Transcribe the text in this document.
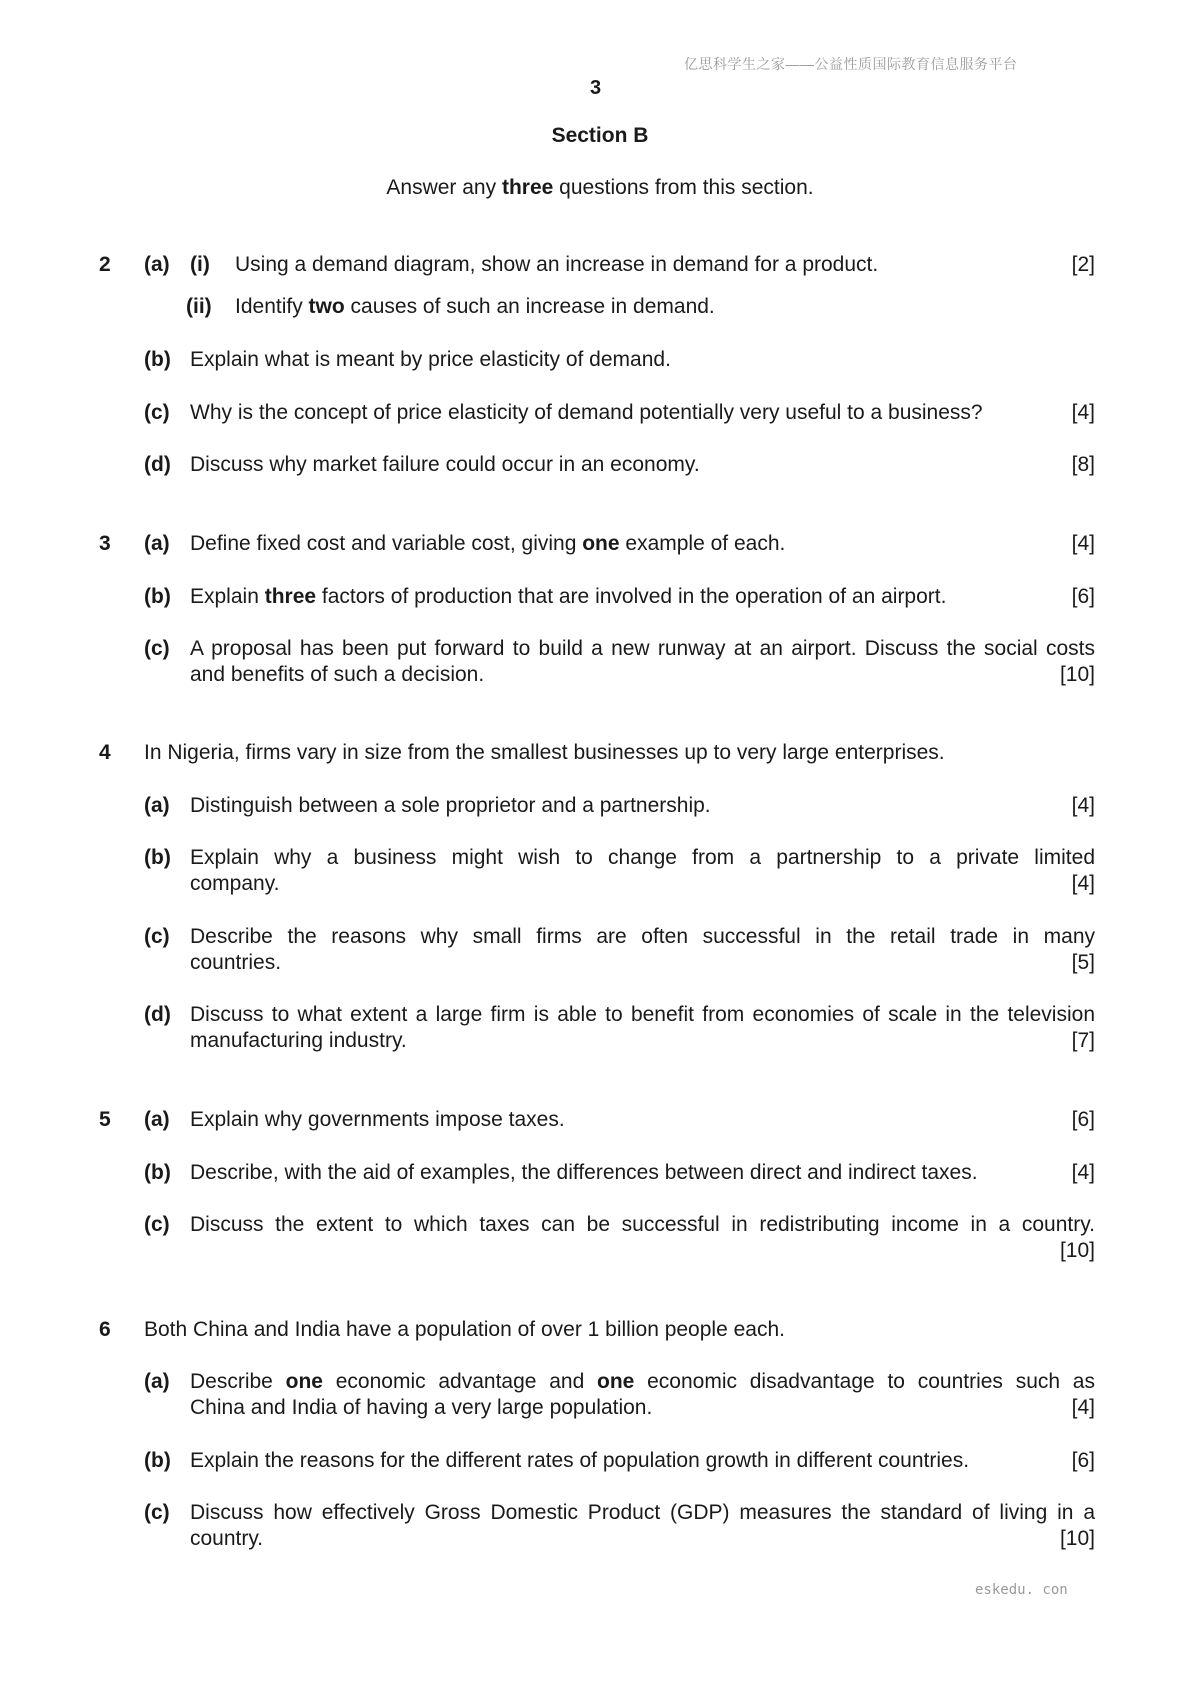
亿思科学生之家——公益性质国际教育信息服务平台
3
Section B
Answer any three questions from this section.
2 (a) (i) Using a demand diagram, show an increase in demand for a product.	[2]
(ii) Identify two causes of such an increase in demand.
(b) Explain what is meant by price elasticity of demand.
(c) Why is the concept of price elasticity of demand potentially very useful to a business?	[4]
(d) Discuss why market failure could occur in an economy.	[8]
3 (a) Define fixed cost and variable cost, giving one example of each.	[4]
(b) Explain three factors of production that are involved in the operation of an airport.	[6]
(c) A proposal has been put forward to build a new runway at an airport. Discuss the social costs
and benefits of such a decision.	[10]
4 In Nigeria, firms vary in size from the smallest businesses up to very large enterprises.
(a) Distinguish between a sole proprietor and a partnership.	[4]
(b) Explain why a business might wish to change from a partnership to a private limited
company.	[4]
(c) Describe the reasons why small firms are often successful in the retail trade in many
countries.	[5]
(d) Discuss to what extent a large firm is able to benefit from economies of scale in the television
manufacturing industry.	[7]
5 (a) Explain why governments impose taxes.	[6]
(b) Describe, with the aid of examples, the differences between direct and indirect taxes.	[4]
(c) Discuss the extent to which taxes can be successful in redistributing income in a country.
[10]
6 Both China and India have a population of over 1 billion people each.
(a) Describe one economic advantage and one economic disadvantage to countries such as
China and India of having a very large population.	[4]
(b) Explain the reasons for the different rates of population growth in different countries.	[6]
(c) Discuss how effectively Gross Domestic Product (GDP) measures the standard of living in a
country.	[10]
eskedu. con
